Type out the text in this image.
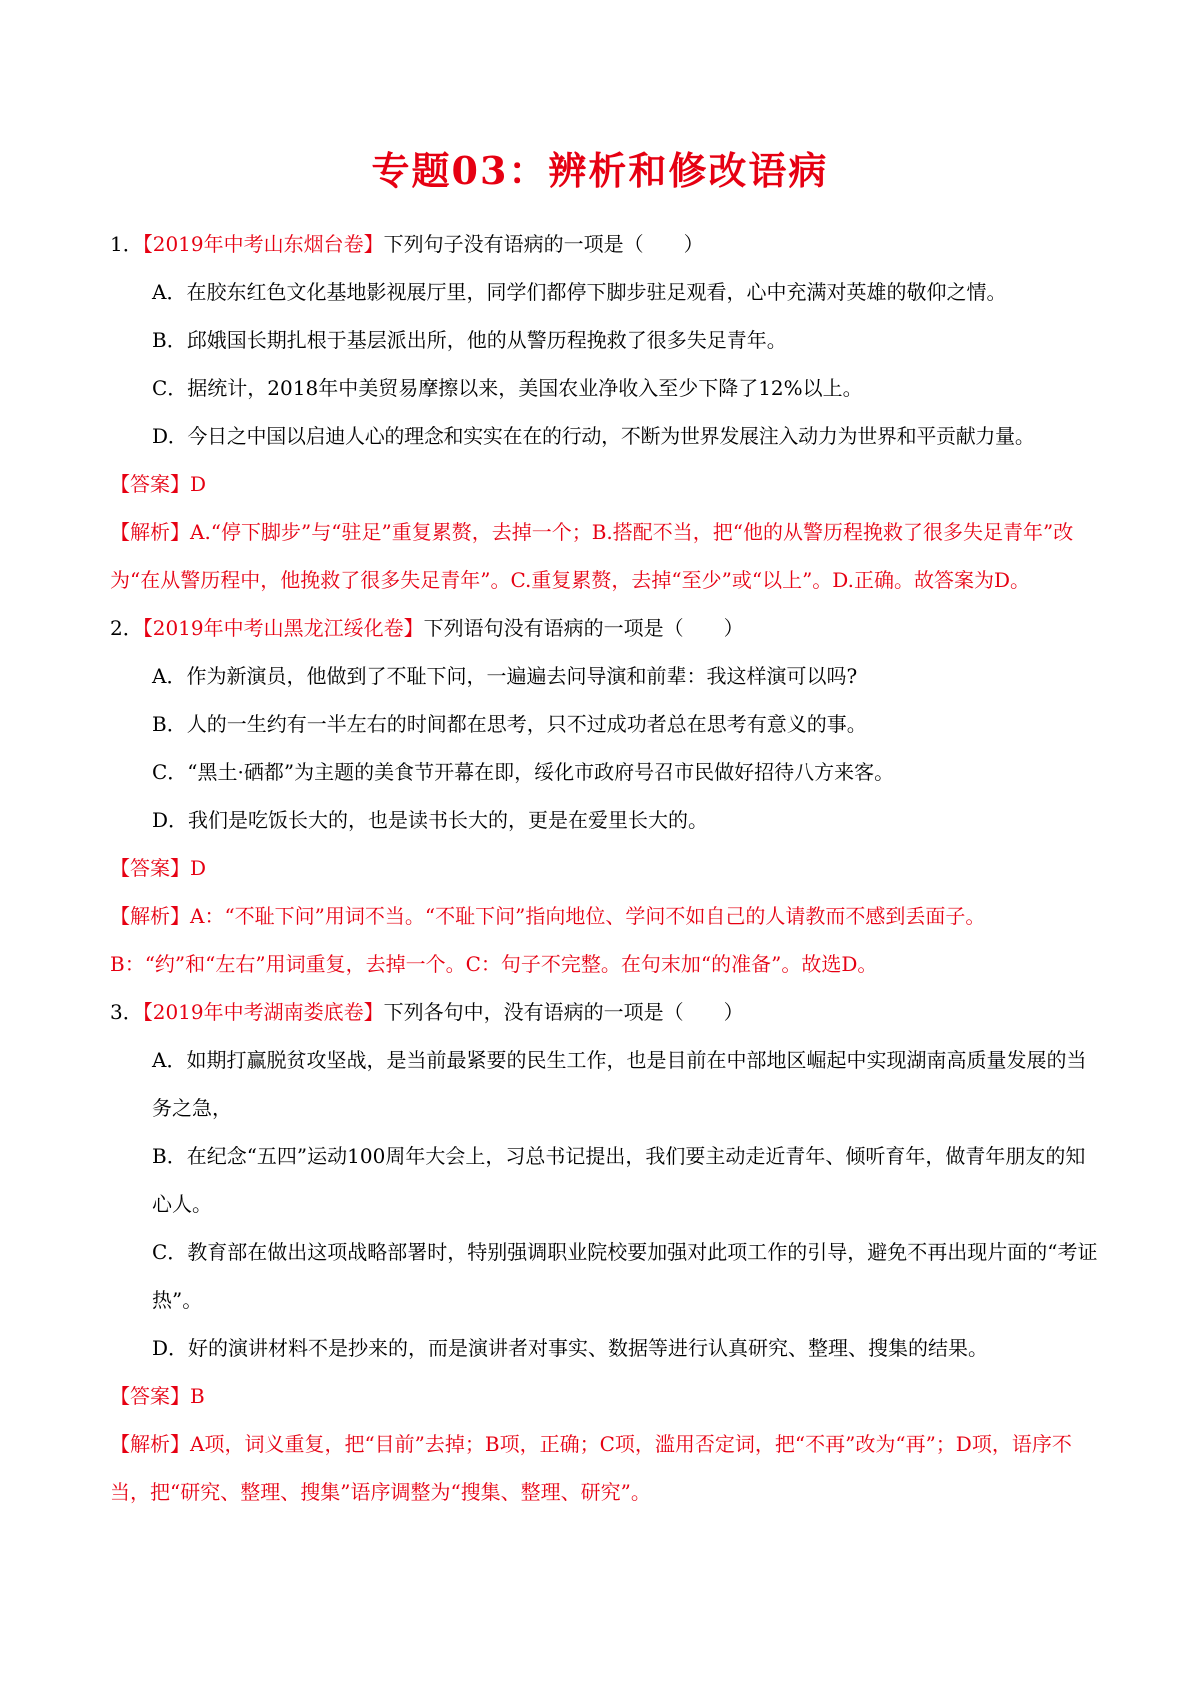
专题03：辨析和修改语病
1．【2019年中考山东烟台卷】下列句子没有语病的一项是（　　）
A．在胶东红色文化基地影视展厅里，同学们都停下脚步驻足观看，心中充满对英雄的敬仰之情。
B．邱娥国长期扎根于基层派出所，他的从警历程挽救了很多失足青年。
C．据统计，2018年中美贸易摩擦以来，美国农业净收入至少下降了12%以上。
D．今日之中国以启迪人心的理念和实实在在的行动，不断为世界发展注入动力为世界和平贡献力量。
【答案】D
【解析】A.“停下脚步”与“驻足”重复累赘，去掉一个；B.搭配不当，把“他的从警历程挽救了很多失足青年”改为“在从警历程中，他挽救了很多失足青年”。C.重复累赘，去掉“至少”或“以上”。D.正确。故答案为D。
2．【2019年中考山黑龙江绥化卷】下列语句没有语病的一项是（　　）
A．作为新演员，他做到了不耻下问，一遍遍去问导演和前辈：我这样演可以吗?
B．人的一生约有一半左右的时间都在思考，只不过成功者总在思考有意义的事。
C．“黑土·硒都”为主题的美食节开幕在即，绥化市政府号召市民做好招待八方来客。
D．我们是吃饭长大的，也是读书长大的，更是在爱里长大的。
【答案】D
【解析】A：“不耻下问”用词不当。“不耻下问”指向地位、学问不如自己的人请教而不感到丢面子。B：“约”和“左右”用词重复，去掉一个。C：句子不完整。在句末加“的准备”。故选D。
3．【2019年中考湖南娄底卷】下列各句中，没有语病的一项是（　　）
A．如期打赢脱贫攻坚战，是当前最紧要的民生工作，也是目前在中部地区崛起中实现湖南高质量发展的当务之急，
B．在纪念“五四”运动100周年大会上，习总书记提出，我们要主动走近青年、倾听育年，做青年朋友的知心人。
C．教育部在做出这项战略部署时，特别强调职业院校要加强对此项工作的引导，避免不再出现片面的“考证热”。
D．好的演讲材料不是抄来的，而是演讲者对事实、数据等进行认真研究、整理、搜集的结果。
【答案】B
【解析】A项，词义重复，把“目前”去掉；B项，正确；C项，滥用否定词，把“不再”改为“再”；D项，语序不当，把“研究、整理、搜集”语序调整为“搜集、整理、研究”。
